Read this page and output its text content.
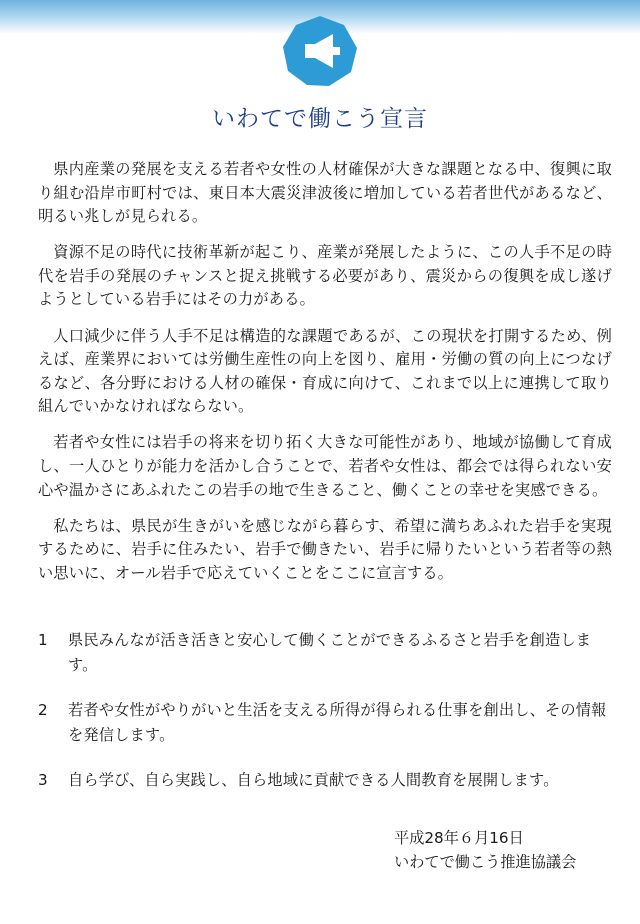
いわてで働こう宣言

県内産業の発展を支える若者や女性の人材確保が大きな課題となる中、復興に取り組む沿岸市町村では、東日本大震災津波後に増加している若者世代があるなど、明るい兆しが見られる。

資源不足の時代に技術革新が起こり、産業が発展したように、この人手不足の時代を岩手の発展のチャンスと捉え挑戦する必要があり、震災からの復興を成し遂げようとしている岩手にはその力がある。

人口減少に伴う人手不足は構造的な課題であるが、この現状を打開するため、例えば、産業界においては労働生産性の向上を図り、雇用・労働の質の向上につなげるなど、各分野における人材の確保・育成に向けて、これまで以上に連携して取り組んでいかなければならない。

若者や女性には岩手の将来を切り拓く大きな可能性があり、地域が協働して育成し、一人ひとりが能力を活かし合うことで、若者や女性は、都会では得られない安心や温かさにあふれたこの岩手の地で生きること、働くことの幸せを実感できる。

私たちは、県民が生きがいを感じながら暮らす、希望に満ちあふれた岩手を実現するために、岩手に住みたい、岩手で働きたい、岩手に帰りたいという若者等の熱い思いに、オール岩手で応えていくことをここに宣言する。

1	県民みんなが活き活きと安心して働くことができるふるさと岩手を創造します。
2	若者や女性がやりがいと生活を支える所得が得られる仕事を創出し、その情報を発信します。
3	自ら学び、自ら実践し、自ら地域に貢献できる人間教育を展開します。
平成28年６月16日
いわてで働こう推進協議会
